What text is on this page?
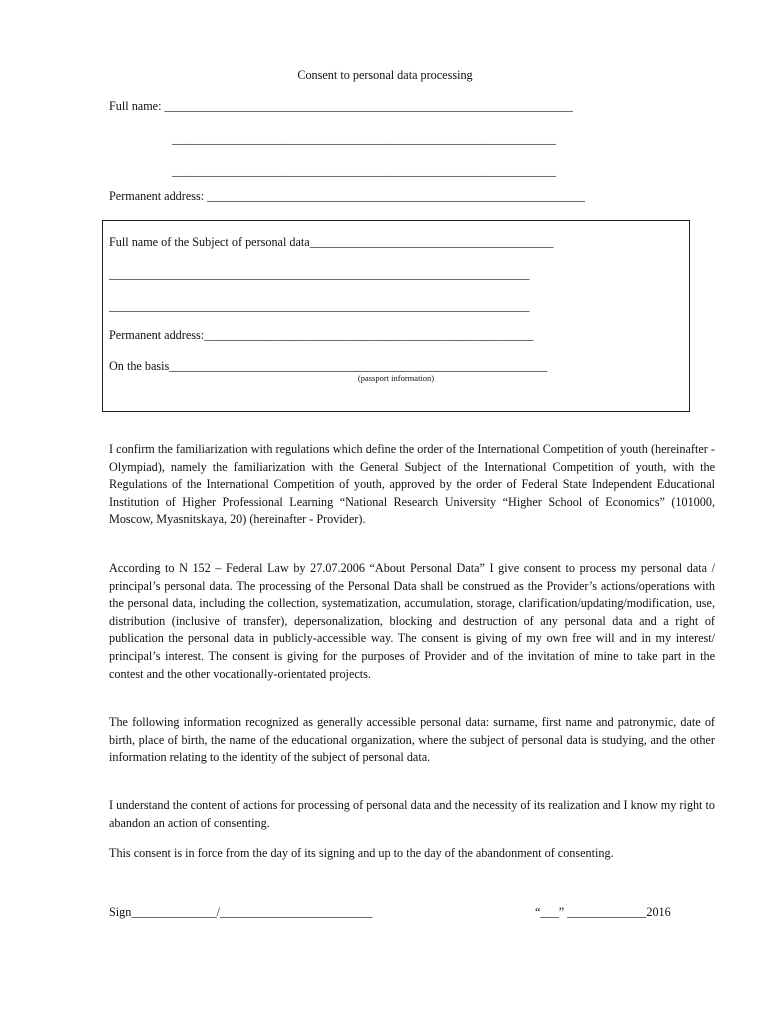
Consent to personal data processing
Full name: ___________________________________________________________________
_______________________________________________________________
_______________________________________________________________
Permanent address: ______________________________________________________________
Full name of the Subject of personal data________________________________________
_____________________________________________________________________
_____________________________________________________________________
Permanent address:______________________________________________________
On the basis______________________________________________________________
(passport information)

I confirm the familiarization with regulations which define the order of the International Competition of youth (hereinafter - Olympiad), namely the familiarization with the General Subject of the International Competition of youth, with the Regulations of the International Competition of youth, approved by the order of Federal State Independent Educational Institution of Higher Professional Learning “National Research University “Higher School of Economics” (101000, Moscow, Myasnitskaya, 20) (hereinafter - Provider).

According to N 152 – Federal Law by 27.07.2006 “About Personal Data” I give consent to process my personal data / principal’s personal data. The processing of the Personal Data shall be construed as the Provider’s actions/operations with the personal data, including the collection, systematization, accumulation, storage, clarification/updating/modification, use, distribution (inclusive of transfer), depersonalization, blocking and destruction of any personal data and a right of publication the personal data in publicly-accessible way. The consent is giving of my own free will and in my interest/ principal’s interest. The consent is giving for the purposes of Provider and of the invitation of mine to take part in the contest and the other vocationally-orientated projects.

The following information recognized as generally accessible personal data: surname, first name and patronymic, date of birth, place of birth, the name of the educational organization, where the subject of personal data is studying, and the other information relating to the identity of the subject of personal data.

I understand the content of actions for processing of personal data and the necessity of its realization and I know my right to abandon an action of consenting.

This consent is in force from the day of its signing and up to the day of the abandonment of consenting.

Sign______________/_________________________	“___” _____________2016
